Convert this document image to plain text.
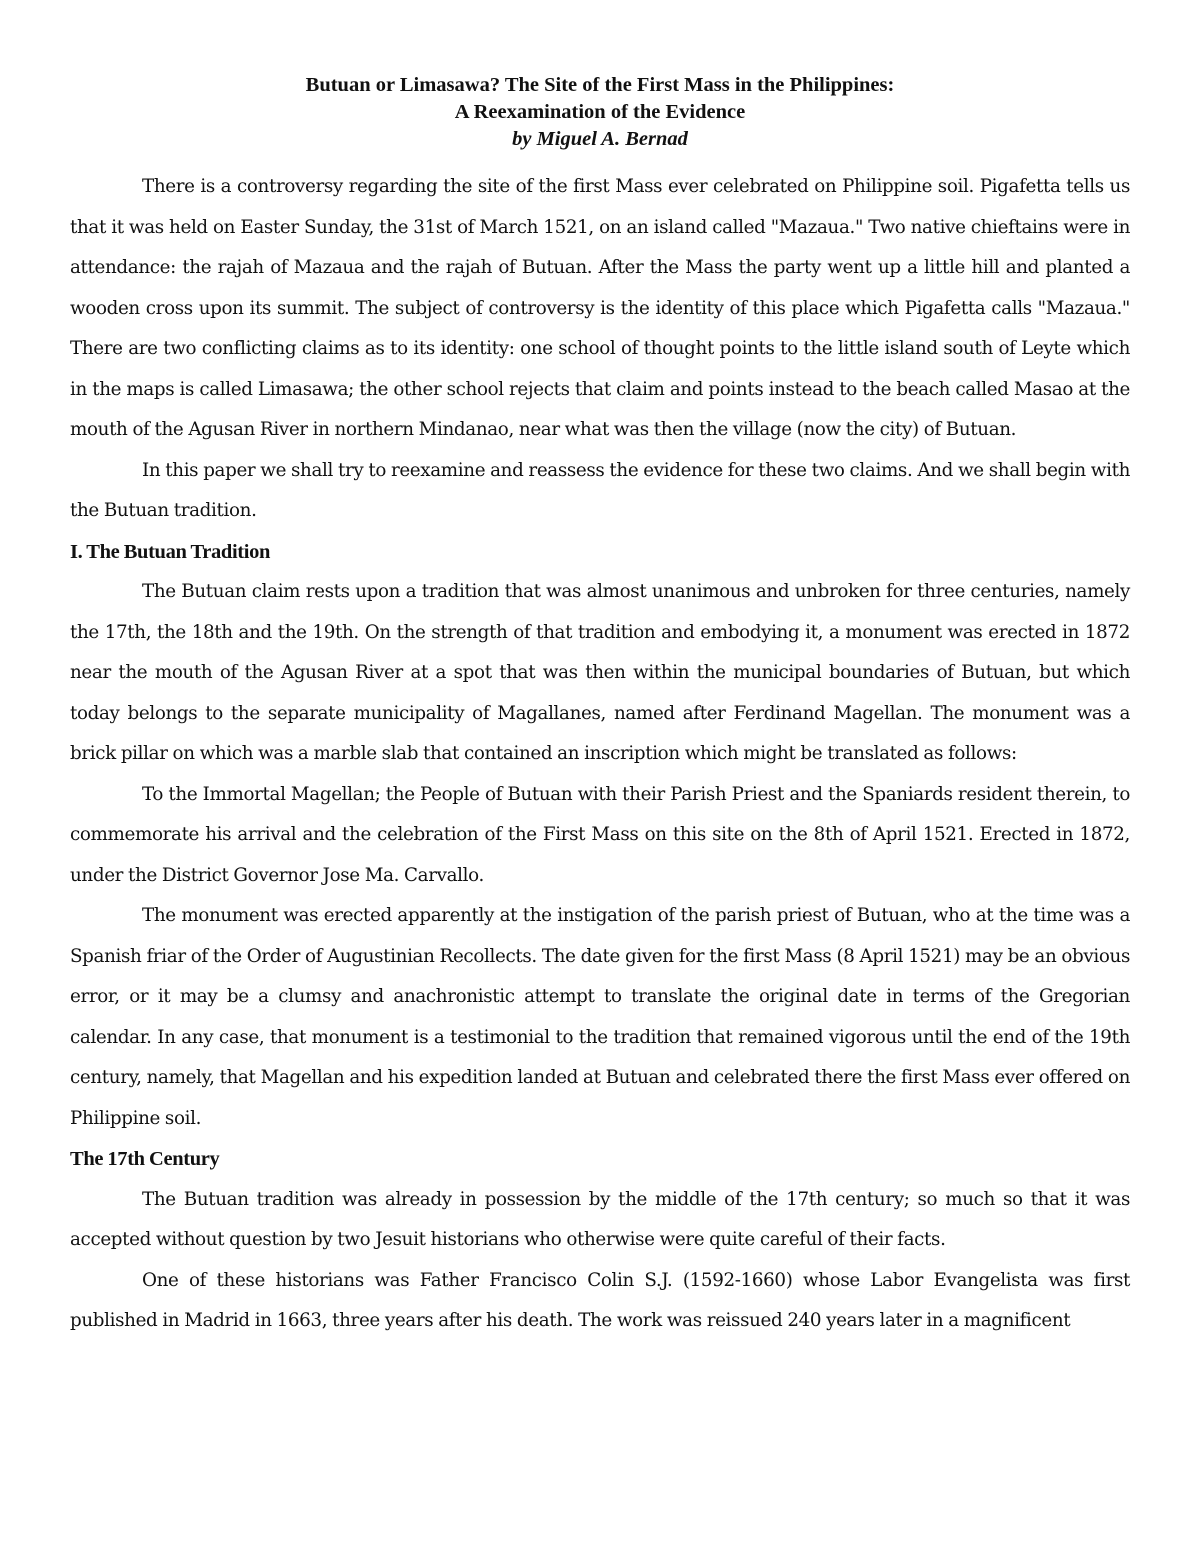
Butuan or Limasawa? The Site of the First Mass in the Philippines:
A Reexamination of the Evidence
by Miguel A. Bernad

There is a controversy regarding the site of the first Mass ever celebrated on Philippine soil. Pigafetta tells us that it was held on Easter Sunday, the 31st of March 1521, on an island called "Mazaua." Two native chieftains were in attendance: the rajah of Mazaua and the rajah of Butuan. After the Mass the party went up a little hill and planted a wooden cross upon its summit. The subject of controversy is the identity of this place which Pigafetta calls "Mazaua." There are two conflicting claims as to its identity: one school of thought points to the little island south of Leyte which in the maps is called Limasawa; the other school rejects that claim and points instead to the beach called Masao at the mouth of the Agusan River in northern Mindanao, near what was then the village (now the city) of Butuan.

In this paper we shall try to reexamine and reassess the evidence for these two claims. And we shall begin with the Butuan tradition.

I. The Butuan Tradition

The Butuan claim rests upon a tradition that was almost unanimous and unbroken for three centuries, namely the 17th, the 18th and the 19th. On the strength of that tradition and embodying it, a monument was erected in 1872 near the mouth of the Agusan River at a spot that was then within the municipal boundaries of Butuan, but which today belongs to the separate municipality of Magallanes, named after Ferdinand Magellan. The monument was a brick pillar on which was a marble slab that contained an inscription which might be translated as follows:

To the Immortal Magellan; the People of Butuan with their Parish Priest and the Spaniards resident therein, to commemorate his arrival and the celebration of the First Mass on this site on the 8th of April 1521. Erected in 1872, under the District Governor Jose Ma. Carvallo.

The monument was erected apparently at the instigation of the parish priest of Butuan, who at the time was a Spanish friar of the Order of Augustinian Recollects. The date given for the first Mass (8 April 1521) may be an obvious error, or it may be a clumsy and anachronistic attempt to translate the original date in terms of the Gregorian calendar. In any case, that monument is a testimonial to the tradition that remained vigorous until the end of the 19th century, namely, that Magellan and his expedition landed at Butuan and celebrated there the first Mass ever offered on Philippine soil.

The 17th Century

The Butuan tradition was already in possession by the middle of the 17th century; so much so that it was accepted without question by two Jesuit historians who otherwise were quite careful of their facts.

One of these historians was Father Francisco Colin S.J. (1592-1660) whose Labor Evangelista was first published in Madrid in 1663, three years after his death. The work was reissued 240 years later in a magnificent
